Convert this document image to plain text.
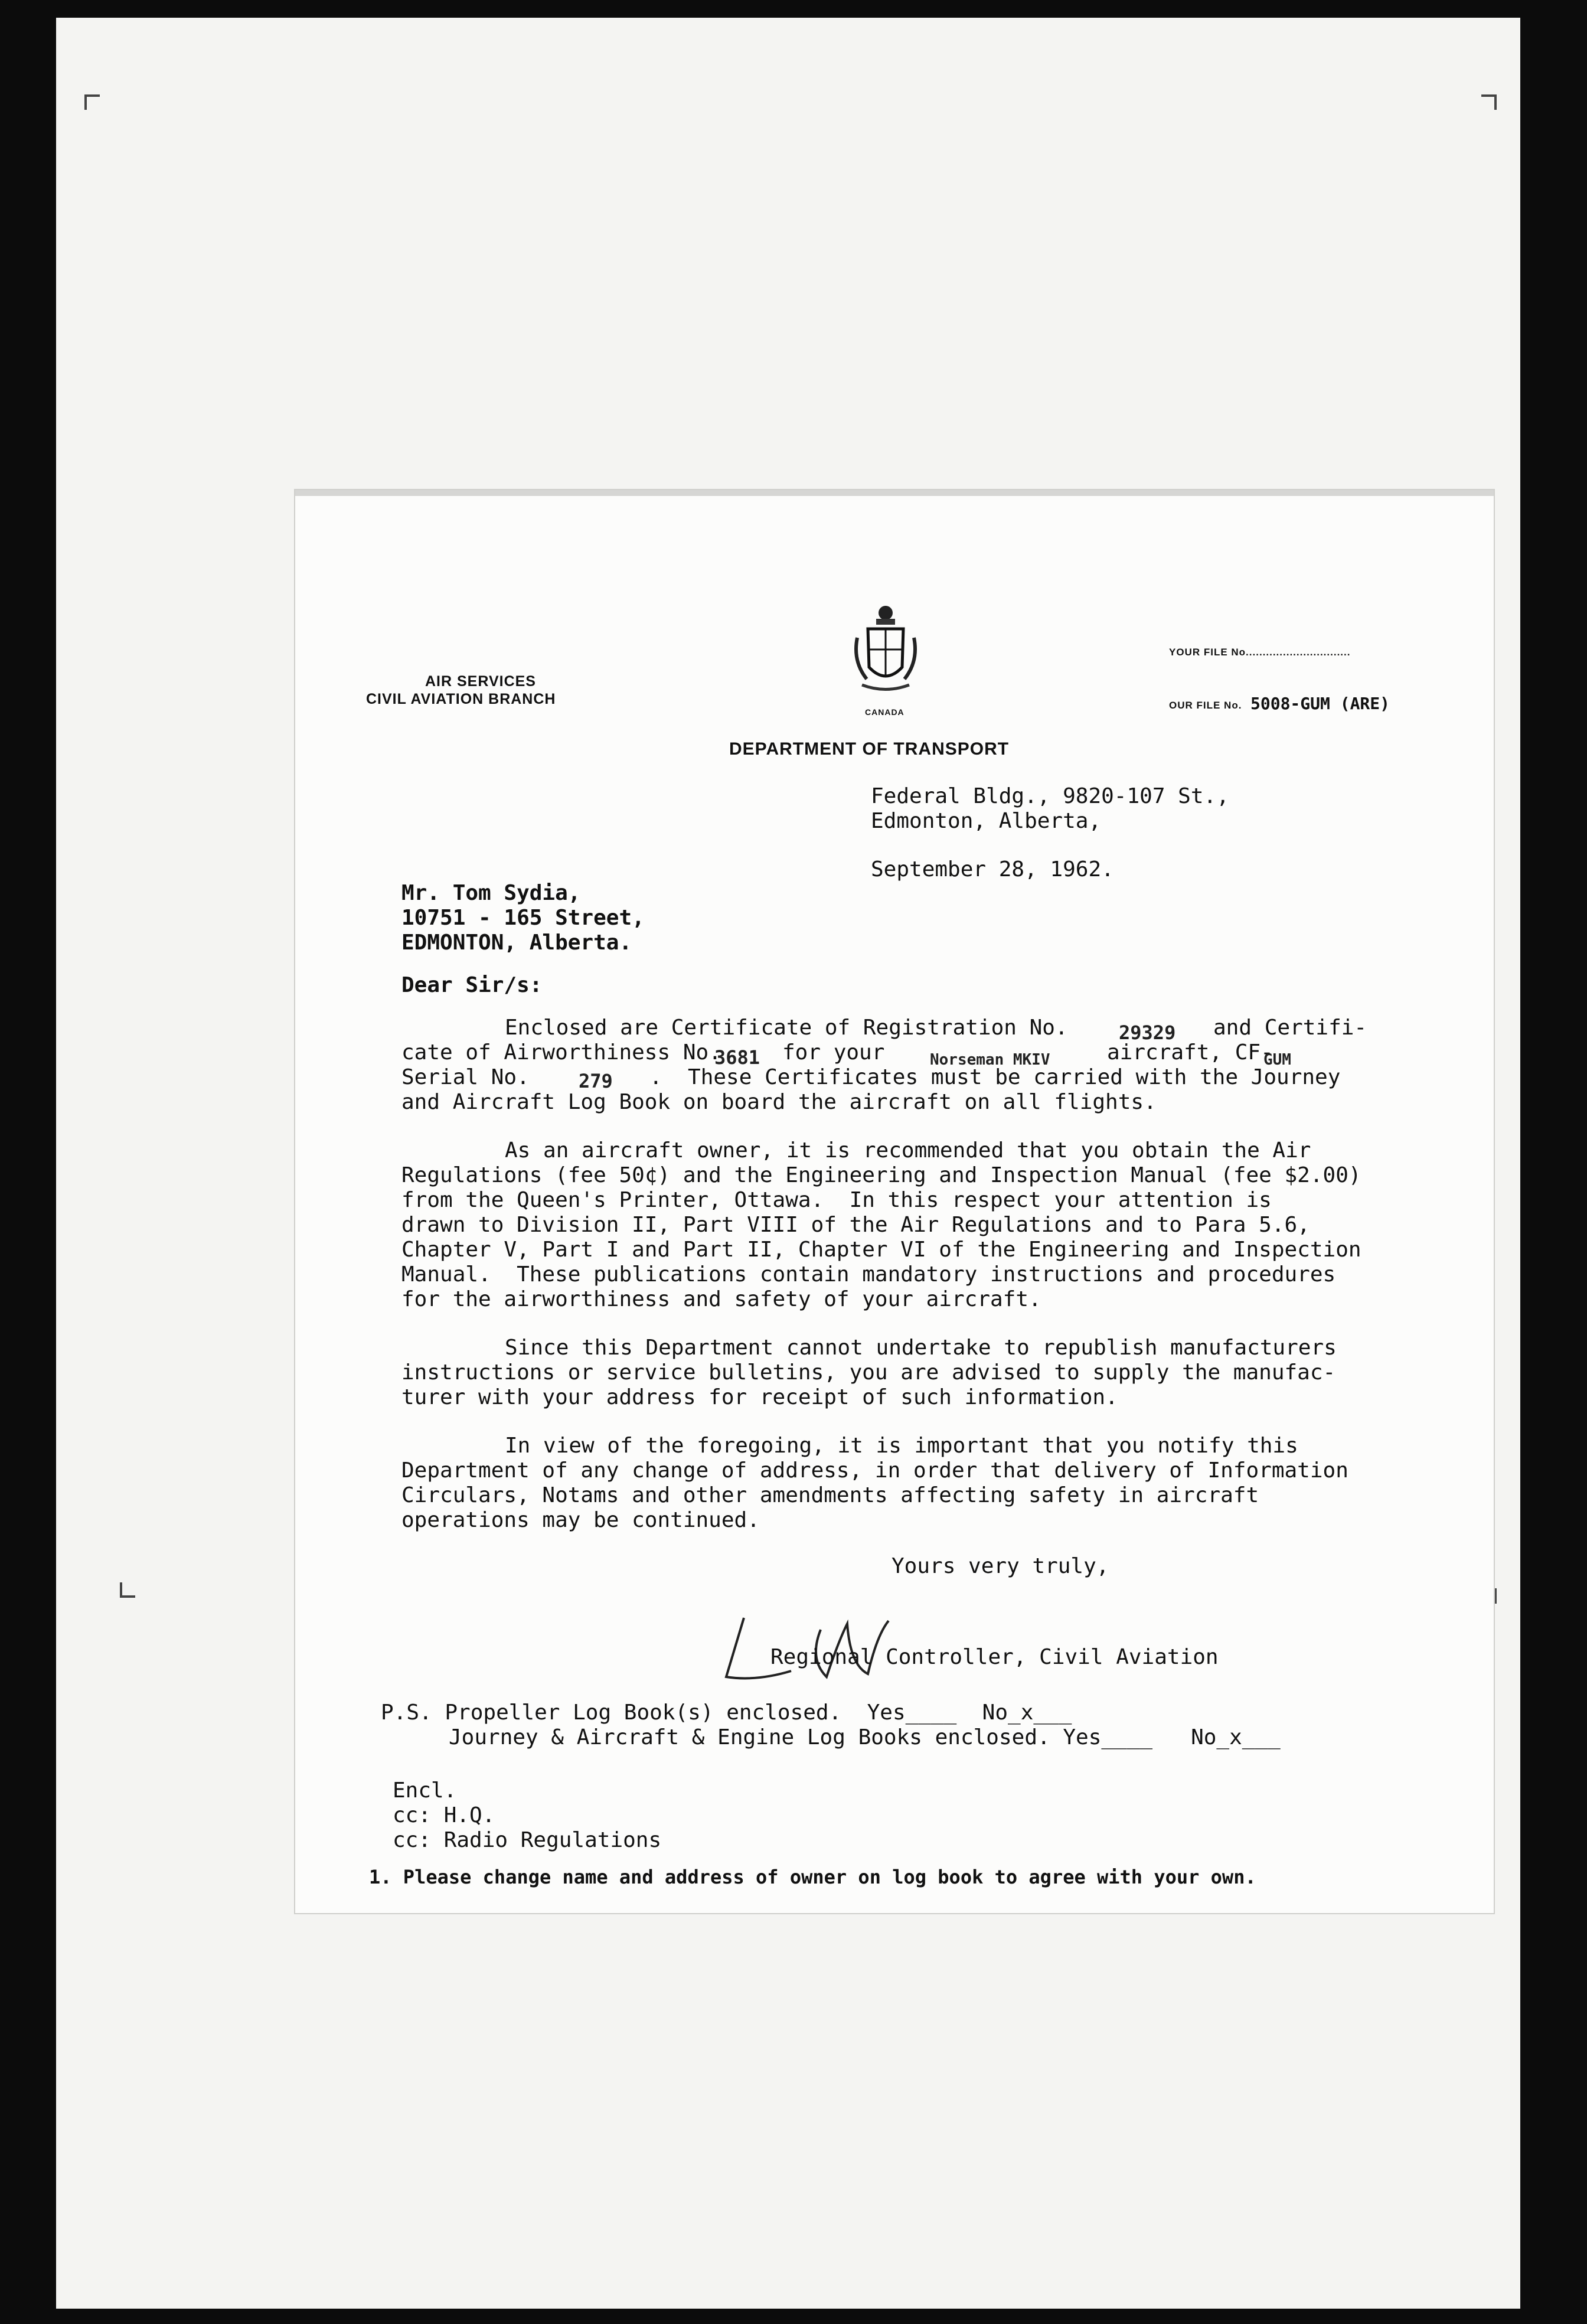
AIR SERVICES
CIVIL AVIATION BRANCH
CANADA
YOUR FILE No...............................
OUR FILE No. 5008-GUM (ARE)
DEPARTMENT OF TRANSPORT
Federal Bldg., 9820-107 St.,
Edmonton, Alberta,
September 28, 1962.
Mr. Tom Sydia,
10751 - 165 Street,
EDMONTON, Alberta.
Dear Sir/s:
Enclosed are Certificate of Registration No.	29329 and Certifi-
cate of Airworthiness No.
3681 for your	Norseman MKIV	aircraft, CF-
GUM
Serial No.	279 .  These Certificates must be carried with the Journey
and Aircraft Log Book on board the aircraft on all flights.
As an aircraft owner, it is recommended that you obtain the Air
Regulations (fee 50¢) and the Engineering and Inspection Manual (fee $2.00)
from the Queen's Printer, Ottawa.  In this respect your attention is
drawn to Division II, Part VIII of the Air Regulations and to Para 5.6,
Chapter V, Part I and Part II, Chapter VI of the Engineering and Inspection
Manual.  These publications contain mandatory instructions and procedures
for the airworthiness and safety of your aircraft.
Since this Department cannot undertake to republish manufacturers
instructions or service bulletins, you are advised to supply the manufac-
turer with your address for receipt of such information.
In view of the foregoing, it is important that you notify this
Department of any change of address, in order that delivery of Information
Circulars, Notams and other amendments affecting safety in aircraft
operations may be continued.
Yours very truly,
Regional Controller, Civil Aviation
P.S. Propeller Log Book(s) enclosed.  Yes____  No_x___
Journey & Aircraft & Engine Log Books enclosed. Yes____   No_x___
Encl.
cc: H.Q.
cc: Radio Regulations
1. Please change name and address of owner on log book to agree with your own.
